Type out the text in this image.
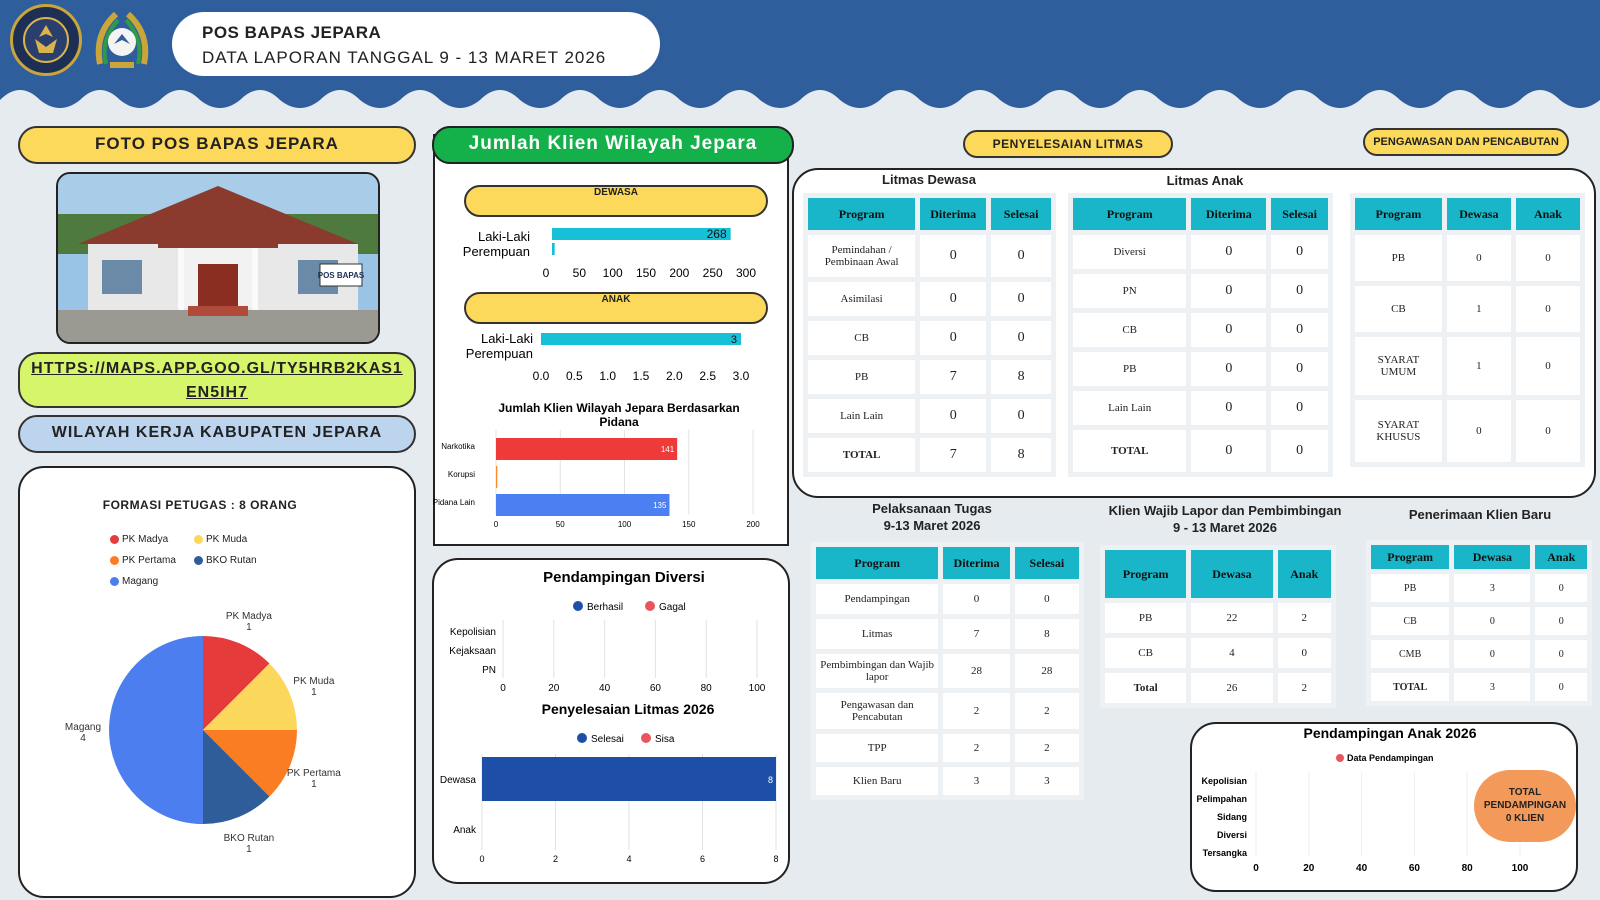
POS BAPAS JEPARA
DATA LAPORAN TANGGAL 9 - 13 MARET 2026
FOTO POS BAPAS JEPARA
POS BAPAS
HTTPS://MAPS.APP.GOO.GL/TY5HRB2KAS1EN5IH7
WILAYAH KERJA KABUPATEN JEPARA
FORMASI PETUGAS : 8 ORANG
PK Madya	PK MudaPK Pertama	BKO RutanMagang
PK Madya
1
PK Muda
1
PK Pertama
1
BKO Rutan
1
Magang
4
Jumlah Klien Wilayah Jepara
DEWASA
ANAK
Laki-Laki
Perempuan
268
0 50 100 150 200 250 300
Laki-Laki
Perempuan
3
0.0 0.5 1.0 1.5 2.0 2.5 3.0
Jumlah Klien Wilayah Jepara Berdasarkan
Pidana
0	50	100	150	200
Narkotika	141
Korupsi
Pidana Lain	135
Pendampingan Diversi
Berhasil	Gagal
0	20	40	60	80	100
Kepolisian
Kejaksaan
PN
Penyelesaian Litmas 2026
Selesai	Sisa
0	2	4	6	8
Dewasa	8
Anak
PENYELESAIAN LITMAS	PENGAWASAN DAN PENCABUTAN
Litmas Dewasa	Litmas Anak
Program	Diterima	Selesai
Pemindahan / Pembinaan Awal	0	0
Asimilasi	0	0
CB	0	0
PB	7	8
Lain Lain	0	0
TOTAL	7	8
Program	Diterima	Selesai
Diversi	0	0
PN	0	0
CB	0	0
PB	0	0
Lain Lain	0	0
TOTAL	0	0
Program	Dewasa	Anak
PB	0	0
CB	1	0
SYARAT UMUM	1	0
SYARAT KHUSUS	0	0
Pelaksanaan Tugas
9-13 Maret 2026
Program	Diterima	Selesai
Pendampingan	0	0
Litmas	7	8
Pembimbingan dan Wajib lapor	28	28
Pengawasan dan Pencabutan	2	2
TPP	2	2
Klien Baru	3	3
Klien Wajib Lapor dan Pembimbingan
9 - 13 Maret 2026
Program	Dewasa	Anak
PB	22	2
CB	4	0
Total	26	2
Penerimaan Klien Baru
Program	Dewasa	Anak
PB	3	0
CB	0	0
CMB	0	0
TOTAL	3	0
Pendampingan Anak 2026
Data Pendampingan
0	20	40	60	80	100
Kepolisian
Pelimpahan
Sidang
Diversi
Tersangka
TOTAL PENDAMPINGAN 0 KLIEN
